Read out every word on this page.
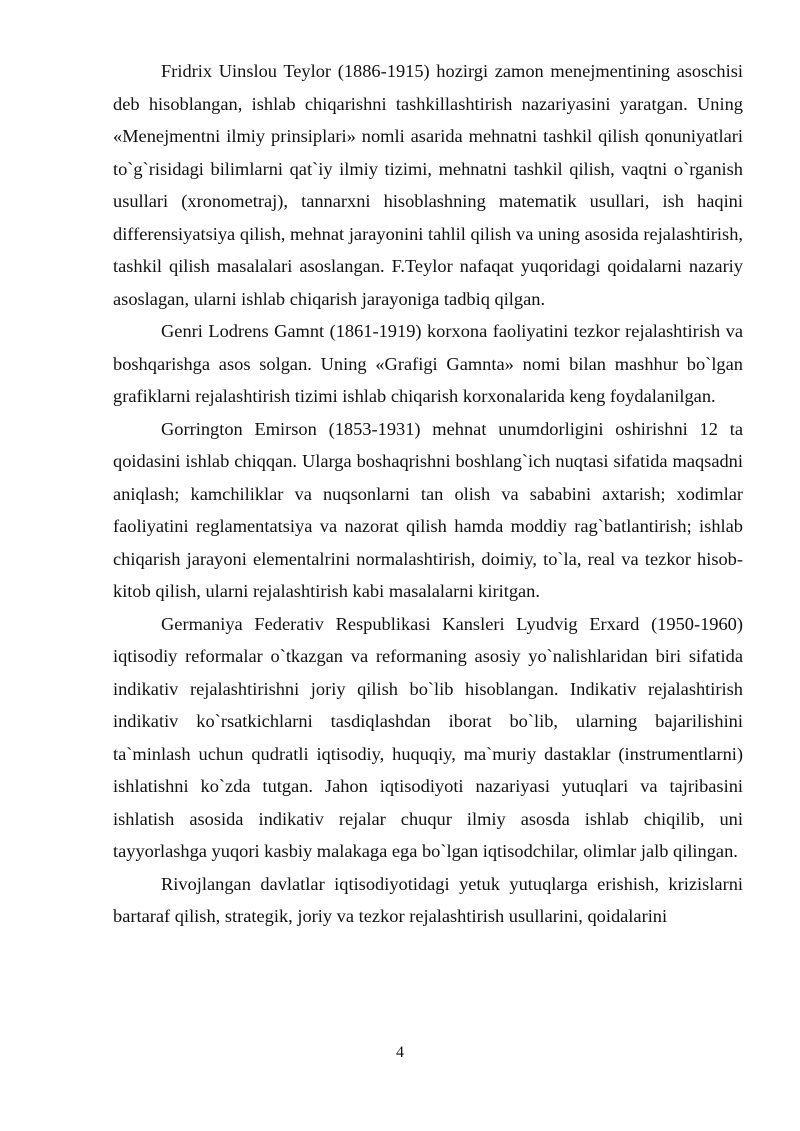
Fridrix Uinslou Teylor (1886-1915) hozirgi zamon menejmentining asoschisi deb hisoblangan, ishlab chiqarishni tashkillashtirish nazariyasini yaratgan. Uning «Menejmentni ilmiy prinsiplari» nomli asarida mehnatni tashkil qilish qonuniyatlari to`g`risidagi bilimlarni qat`iy ilmiy tizimi, mehnatni tashkil qilish, vaqtni o`rganish usullari (xronometraj), tannarxni hisoblashning matematik usullari, ish haqini differensiyatsiya qilish, mehnat jarayonini tahlil qilish va uning asosida rejalashtirish, tashkil qilish masalalari asoslangan. F.Teylor nafaqat yuqoridagi qoidalarni nazariy asoslagan, ularni ishlab chiqarish jarayoniga tadbiq qilgan.

Genri Lodrens Gamnt (1861-1919) korxona faoliyatini tezkor rejalashtirish va boshqarishga asos solgan. Uning «Grafigi Gamnta» nomi bilan mashhur bo`lgan grafiklarni rejalashtirish tizimi ishlab chiqarish korxonalarida keng foydalanilgan.

Gorrington Emirson (1853-1931) mehnat unumdorligini oshirishni 12 ta qoidasini ishlab chiqqan. Ularga boshaqrishni boshlang`ich nuqtasi sifatida maqsadni aniqlash; kamchiliklar va nuqsonlarni tan olish va sababini axtarish; xodimlar faoliyatini reglamentatsiya va nazorat qilish hamda moddiy rag`batlantirish; ishlab chiqarish jarayoni elementalrini normalashtirish, doimiy, to`la, real va tezkor hisob-kitob qilish, ularni rejalashtirish kabi masalalarni kiritgan.

Germaniya Federativ Respublikasi Kansleri Lyudvig Erxard (1950-1960) iqtisodiy reformalar o`tkazgan va reformaning asosiy yo`nalishlaridan biri sifatida indikativ rejalashtirishni joriy qilish bo`lib hisoblangan. Indikativ rejalashtirish indikativ ko`rsatkichlarni tasdiqlashdan iborat bo`lib, ularning bajarilishini ta`minlash uchun qudratli iqtisodiy, huquqiy, ma`muriy dastaklar (instrumentlarni) ishlatishni ko`zda tutgan. Jahon iqtisodiyoti nazariyasi yutuqlari va tajribasini ishlatish asosida indikativ rejalar chuqur ilmiy asosda ishlab chiqilib, uni tayyorlashga yuqori kasbiy malakaga ega bo`lgan iqtisodchilar, olimlar jalb qilingan.

Rivojlangan davlatlar iqtisodiyotidagi yetuk yutuqlarga erishish, krizislarni bartaraf qilish, strategik, joriy va tezkor rejalashtirish usullarini, qoidalarini

4
